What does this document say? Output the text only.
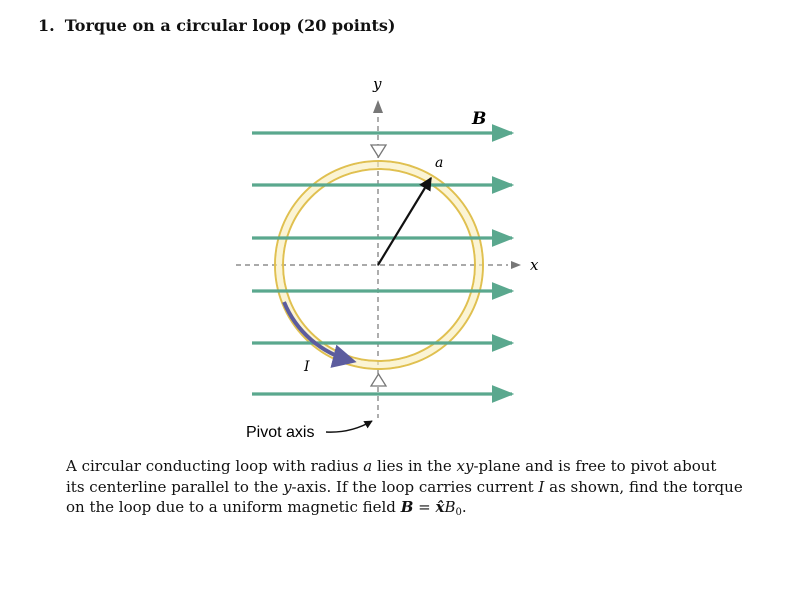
1. Torque on a circular loop (20 points)
y
x
B
a
I
Pivot axis

A circular conducting loop with radius a lies in the xy-plane and is free to pivot about

its centerline parallel to the y-axis. If the loop carries current I as shown, find the torque

on the loop due to a uniform magnetic field $B = x̂B_0$.
